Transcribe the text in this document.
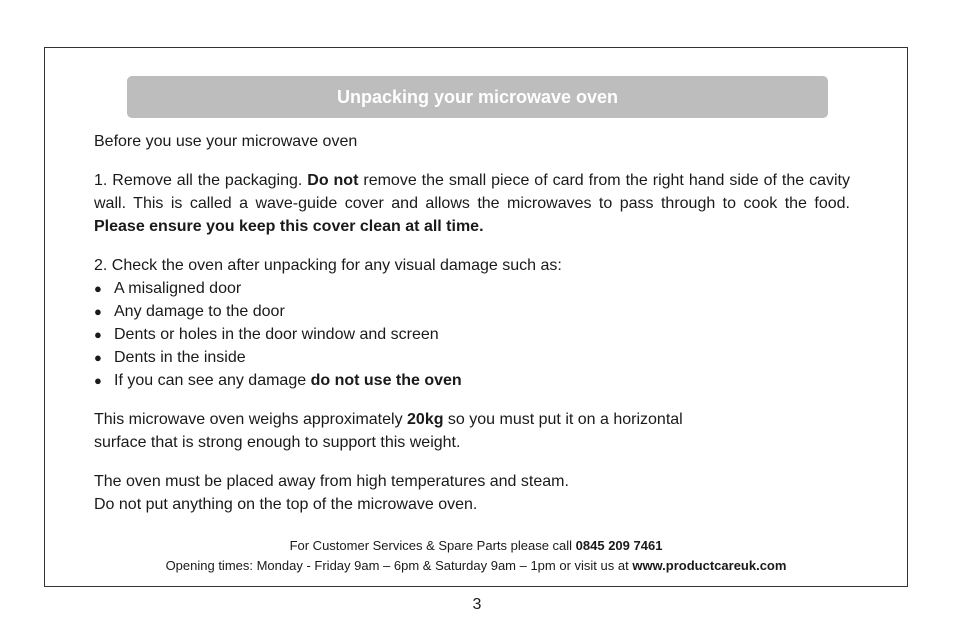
Unpacking your microwave oven

Before you use your microwave oven

1. Remove all the packaging. Do not remove the small piece of card from the right hand side of the cavity wall. This is called a wave-guide cover and allows the microwaves to pass through to cook the food. Please ensure you keep this cover clean at all time.

2. Check the oven after unpacking for any visual damage such as:

● A misaligned door
● Any damage to the door
● Dents or holes in the door window and screen
● Dents in the inside
● If you can see any damage do not use the oven

This microwave oven weighs approximately 20kg so you must put it on a horizontal
surface that is strong enough to support this weight.

The oven must be placed away from high temperatures and steam.
Do not put anything on the top of the microwave oven.

For Customer Services & Spare Parts please call 0845 209 7461
Opening times: Monday - Friday 9am – 6pm & Saturday 9am – 1pm or visit us at www.productcareuk.com
3
